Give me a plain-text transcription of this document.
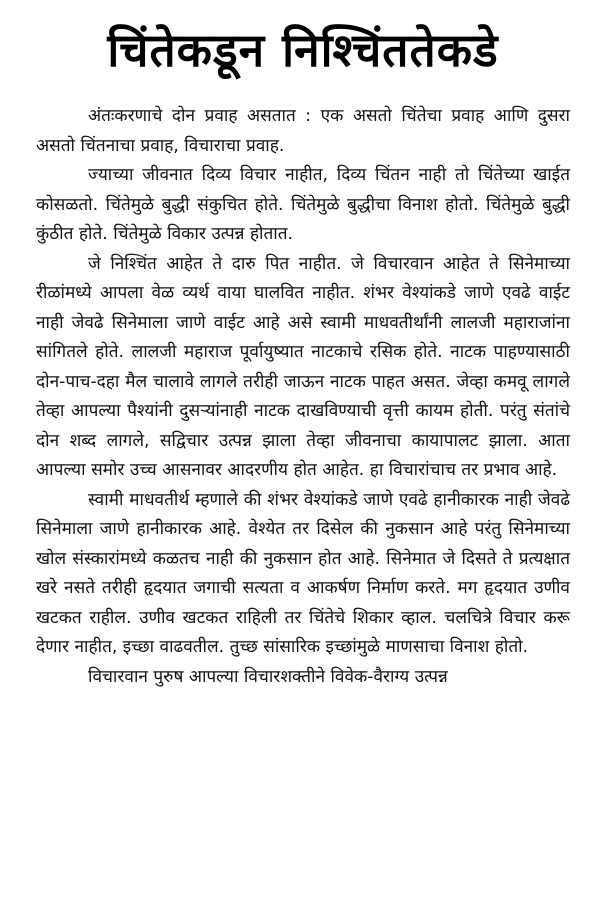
चिंतेकडून निश्चिंततेकडे

अंतःकरणाचे दोन प्रवाह असतात : एक असतो चिंतेचा प्रवाह आणि दुसरा असतो चिंतनाचा प्रवाह, विचाराचा प्रवाह.

ज्याच्या जीवनात दिव्य विचार नाहीत, दिव्य चिंतन नाही तो चिंतेच्या खाईत कोसळतो. चिंतेमुळे बुद्धी संकुचित होते. चिंतेमुळे बुद्धीचा विनाश होतो. चिंतेमुळे बुद्धी कुंठीत होते. चिंतेमुळे विकार उत्पन्न होतात.

जे निश्चिंत आहेत ते दारु पित नाहीत. जे विचारवान आहेत ते सिनेमाच्या रीळांमध्ये आपला वेळ व्यर्थ वाया घालवित नाहीत. शंभर वेश्यांकडे जाणे एवढे वाईट नाही जेवढे सिनेमाला जाणे वाईट आहे असे स्वामी माधवतीर्थांनी लालजी महाराजांना सांगितले होते. लालजी महाराज पूर्वायुष्यात नाटकाचे रसिक होते. नाटक पाहण्यासाठी दोन-पाच-दहा मैल चालावे लागले तरीही जाऊन नाटक पाहत असत. जेव्हा कमवू लागले तेव्हा आपल्या पैश्यांनी दुसऱ्यांनाही नाटक दाखविण्याची वृत्ती कायम होती. परंतु संतांचे दोन शब्द लागले, सद्विचार उत्पन्न झाला तेव्हा जीवनाचा कायापालट झाला. आता आपल्या समोर उच्च आसनावर आदरणीय होत आहेत. हा विचारांचाच तर प्रभाव आहे.

स्वामी माधवतीर्थ म्हणाले की शंभर वेश्यांकडे जाणे एवढे हानीकारक नाही जेवढे सिनेमाला जाणे हानीकारक आहे. वेश्येत तर दिसेल की नुकसान आहे परंतु सिनेमाच्या खोल संस्कारांमध्ये कळतच नाही की नुकसान होत आहे. सिनेमात जे दिसते ते प्रत्यक्षात खरे नसते तरीही हृदयात जगाची सत्यता व आकर्षण निर्माण करते. मग हृदयात उणीव खटकत राहील. उणीव खटकत राहिली तर चिंतेचे शिकार व्हाल. चलचित्रे विचार करू देणार नाहीत, इच्छा वाढवतील. तुच्छ सांसारिक इच्छांमुळे माणसाचा विनाश होतो.

विचारवान पुरुष आपल्या विचारशक्तीने विवेक-वैराग्य उत्पन्न
